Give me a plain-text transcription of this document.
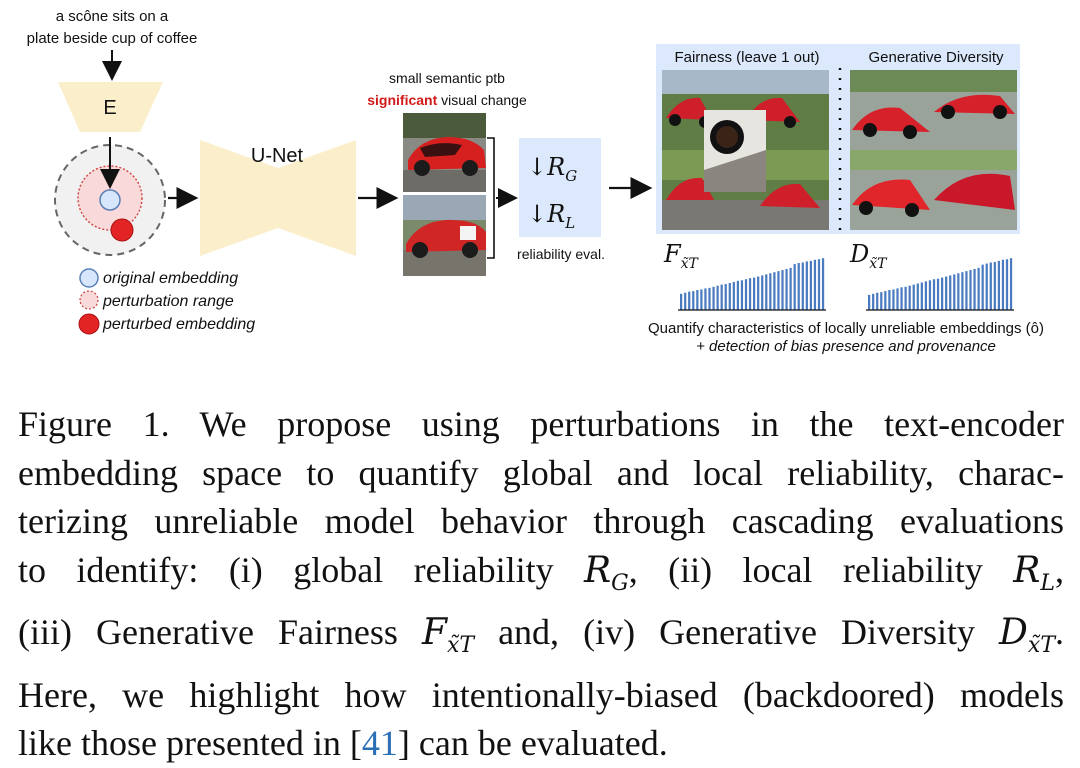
a scône sits on a
plate beside cup of coffee
E
original embedding
perturbation range
perturbed embedding
U-Net
small semantic ptb
significant visual change
$↓R_G$
$↓R_L$
reliability eval.
Fairness (leave 1 out)	Generative Diversity
$F_{x̃T}$	$D_{x̃T}$
Quantify characteristics of locally unreliable embeddings (ô)
+ detection of bias presence and provenance
Figure 1. We propose using perturbations in the text-encoder
embedding space to quantify global and local reliability, charac-
terizing unreliable model behavior through cascading evaluations
to identify: (i) global reliability $R_G$, (ii) local reliability $R_L$,
(iii) Generative Fairness $F_{x̃T}$ and, (iv) Generative Diversity $D_{x̃T}$.
Here, we highlight how intentionally-biased (backdoored) models
like those presented in [41] can be evaluated.
